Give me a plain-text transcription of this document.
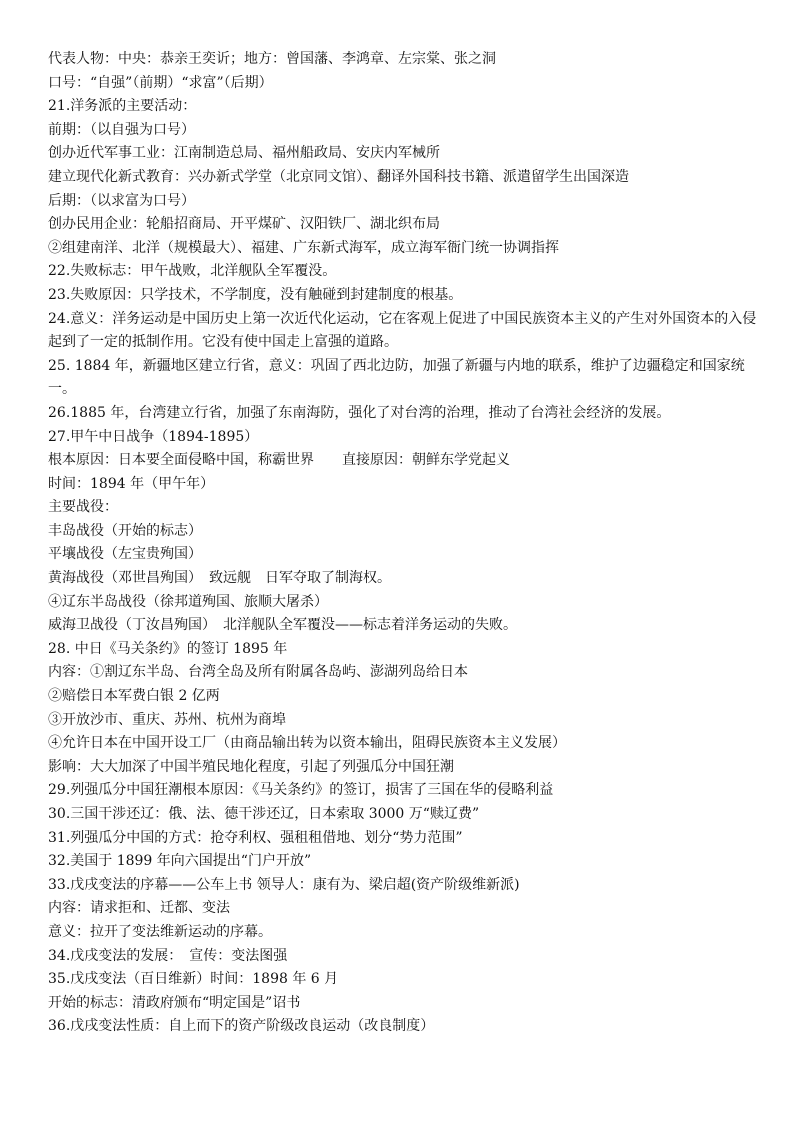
代表人物：中央：恭亲王奕䜣；地方：曾国藩、李鸿章、左宗棠、张之洞
口号：“自强”（前期）“求富”（后期）
21.洋务派的主要活动：
前期：（以自强为口号）
创办近代军事工业：江南制造总局、福州船政局、安庆内军械所
建立现代化新式教育：兴办新式学堂（北京同文馆）、翻译外国科技书籍、派遣留学生出国深造
后期：（以求富为口号）
创办民用企业：轮船招商局、开平煤矿、汉阳铁厂、湖北织布局
②组建南洋、北洋（规模最大）、福建、广东新式海军，成立海军衙门统一协调指挥
22.失败标志：甲午战败，北洋舰队全军覆没。
23.失败原因：只学技术，不学制度，没有触碰到封建制度的根基。
24.意义：洋务运动是中国历史上第一次近代化运动，它在客观上促进了中国民族资本主义的产生对外国资本的入侵起到了一定的抵制作用。它没有使中国走上富强的道路。
25. 1884 年，新疆地区建立行省，意义：巩固了西北边防，加强了新疆与内地的联系，维护了边疆稳定和国家统一。
26.1885 年，台湾建立行省，加强了东南海防，强化了对台湾的治理，推动了台湾社会经济的发展。
27.甲午中日战争（1894-1895）
根本原因：日本要全面侵略中国，称霸世界　　直接原因：朝鲜东学党起义
时间：1894 年（甲午年）
主要战役：
丰岛战役（开始的标志）
平壤战役（左宝贵殉国）
黄海战役（邓世昌殉国）　致远舰　日军夺取了制海权。
④辽东半岛战役（徐邦道殉国、旅顺大屠杀）
威海卫战役（丁汝昌殉国）　北洋舰队全军覆没——标志着洋务运动的失败。
28. 中日《马关条约》的签订 1895 年
内容：①割辽东半岛、台湾全岛及所有附属各岛屿、澎湖列岛给日本
②赔偿日本军费白银 2 亿两
③开放沙市、重庆、苏州、杭州为商埠
④允许日本在中国开设工厂（由商品输出转为以资本输出，阻碍民族资本主义发展）
影响：大大加深了中国半殖民地化程度，引起了列强瓜分中国狂潮
29.列强瓜分中国狂潮根本原因：《马关条约》的签订，损害了三国在华的侵略利益
30.三国干涉还辽：俄、法、德干涉还辽，日本索取 3000 万“赎辽费”
31.列强瓜分中国的方式：抢夺利权、强租租借地、划分“势力范围”
32.美国于 1899 年向六国提出“门户开放”
33.戊戌变法的序幕——公车上书 领导人：康有为、梁启超(资产阶级维新派)
内容：请求拒和、迁都、变法
意义：拉开了变法维新运动的序幕。
34.戊戌变法的发展：　宣传：变法图强
35.戊戌变法（百日维新）时间：1898 年 6 月
开始的标志：清政府颁布“明定国是”诏书
36.戊戌变法性质：自上而下的资产阶级改良运动（改良制度）
